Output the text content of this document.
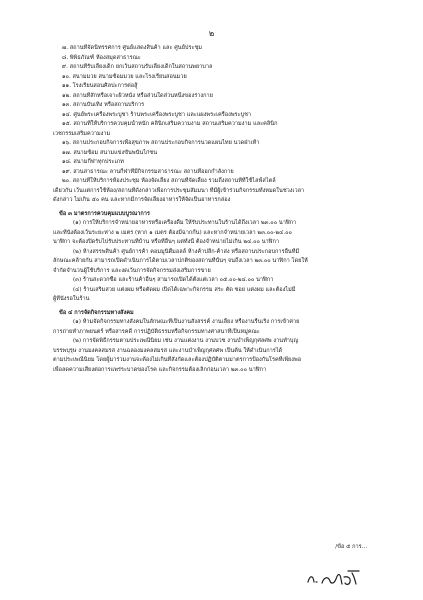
๒
๗. สถานที่จัดนิทรรศการ ศูนย์แสดงสินค้า และ ศูนย์ประชุม
๘. พิพิธภัณฑ์ ห้องสมุดสาธารณะ
๙. สถานที่รับเลี้ยงเด็ก ยกเว้นสถานรับเลี้ยงเด็กในสถานพยาบาล
๑๐. สนามมวย สนามซ้อมมวย และโรงเรียนสอนมวย
๑๑. โรงเรียนสอนศิลปะการต่อสู้
๑๒. สถานที่สักหรือเจาะผิวหนัง หรือส่วนใดส่วนหนึ่งของร่างกาย
๑๓. สถานบันเทิง หรือสถานบริการ
๑๔. ศูนย์พระเครื่องพระบูชา ร้านพระเครื่องพระบูชา และแผงพระเครื่องพระบูชา
๑๕. สถานที่ให้บริการควบคุมน้ำหนัก คลินิกเสริมความงาม สถานเสริมความงาม และคลินิก
เวชกรรมเสริมความงาม
๑๖. สถานประกอบกิจการเพื่อสุขภาพ สถานประกอบกิจการนวดแผนไทย นวดฝ่าเท้า
๑๗. สนามซ้อม สนามแข่งขันพนันไก่ชน
๑๘. สนามกีฬาทุกประเภท
๑๙. สวนสาธารณะ ลานกีฬาที่มีกิจกรรมสาธารณะ สถานที่ออกกำลังกาย
๒๐. สถานที่ให้บริการห้องประชุม ห้องจัดเลี้ยง สถานที่จัดเลี้ยง รวมถึงสถานที่ที่ใช้ไลฟ์สไตล์
เดียวกัน เว้นแต่การใช้ห้อง/สถานที่ดังกล่าวเพื่อการประชุมสัมมนา ที่มีผู้เข้าร่วมกิจกรรมทั้งหมดในช่วงเวลา
ดังกล่าว ไม่เกิน ๕๐ คน และหากมีการจัดเลี้ยงอาหารให้จัดเป็นอาหารกล่อง
ข้อ ๓ มาตรการควบคุมแบบบูรณาการ
(๑) การให้บริการจำหน่ายอาหารหรือเครื่องดื่ม ให้รับประทานในร้านได้ถึงเวลา ๒๓.๐๐ นาฬิกา
และที่นั่งต้องเว้นระยะห่าง ๒ เมตร (หาก ๑ เมตร ต้องมีฉากกั้น) และหากจำหน่ายเวลา ๒๓.๐๐-๒๔.๐๐
นาฬิกา จะต้องปิดรับไปรับประทานที่บ้าน หรือที่อื่นๆ แต่ทั้งนี้ ต้องจำหน่ายไม่เกิน ๒๔.๐๐ นาฬิกา
(๒) ห้างสรรพสินค้า ศูนย์การค้า คอมมูนิตี้มอลล์ ห้างค้าปลีก-ค้าส่ง หรือสถานประกอบการอื่นที่มี
ลักษณะคล้ายกัน สามารถเปิดดำเนินการได้ตามเวลาปกติของสถานที่นั้นๆ จนถึงเวลา ๒๓.๐๐ นาฬิกา โดยให้
จำกัดจำนวนผู้ใช้บริการ และงดเว้นการจัดกิจกรรมส่งเสริมการขาย
(๓) ร้านสะดวกซื้อ และร้านค้าอื่นๆ สามารถเปิดได้ตั้งแต่เวลา ๐๕.๐๐-๒๔.๐๐ นาฬิกา
(๔) ร้านเสริมสวย แต่งผม หรือตัดผม เปิดได้เฉพาะกิจกรรม สระ ตัด ซอย แต่งผม และต้องไม่มี
ผู้ที่นั่งรอในร้าน
ข้อ ๔ การจัดกิจกรรมทางสังคม
(๑) ห้ามจัดกิจกรรมทางสังคมในลักษณะที่เป็นงานสังสรรค์ งานเลี้ยง หรืองานรื่นเริง การเข้าค่าย
การถ่ายทำภาพยนตร์ หรือสารคดี การปฏิบัติธรรมหรือกิจกรรมทางศาสนาที่เป็นหมู่คณะ
(๒) การจัดพิธีกรรมตามประเพณีนิยม เช่น งานแต่งงาน งานบวช งานบำเพ็ญกุศลศพ งานทำบุญ
บรรพบุรุษ งานมงคลสมรส งานฉลองมงคลสมรส และงานบำเพ็ญกุศลศพ เป็นต้น ให้ดำเนินการได้
ตามประเพณีนิยม โดยผู้มาร่วมงานจะต้องไม่เกินที่สังกัดและต้องปฏิบัติตามมาตรการป้องกันโรคที่เพียงพอ
เพื่อลดความเสี่ยงต่อการแพร่ระบาดของโรค และกิจกรรมต้องเลิกก่อนเวลา ๒๓.๐๐ นาฬิกา
/ข้อ ๕ การ...
